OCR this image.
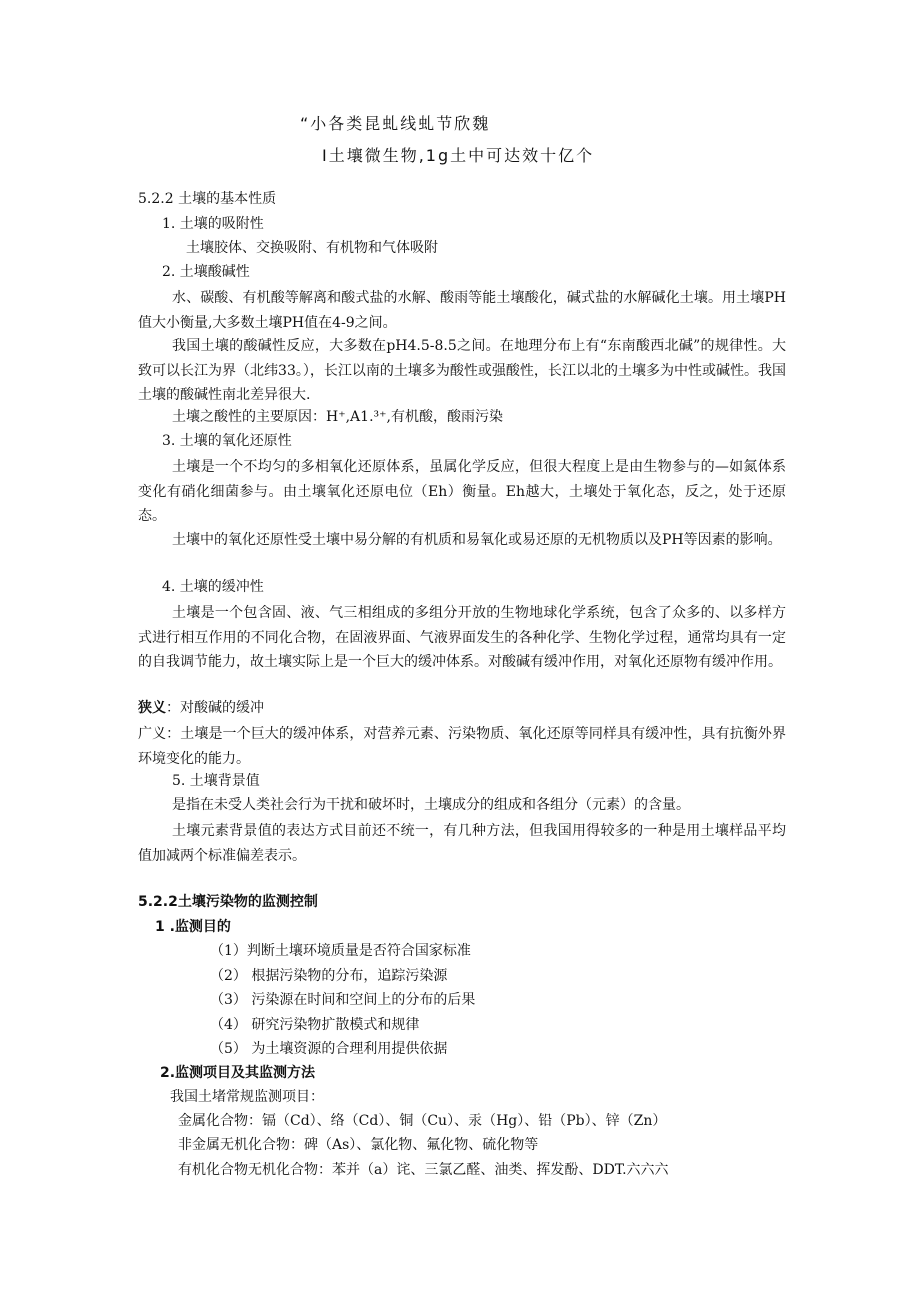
“小各类昆虬线虬节欣魏
I土壤微生物,1g土中可达效十亿个
5.2.2 土壤的基本性质
1. 土壤的吸附性
土壤胶体、交换吸附、有机物和气体吸附
2. 土壤酸碱性
水、碳酸、有机酸等解离和酸式盐的水解、酸雨等能土壤酸化，碱式盐的水解碱化土壤。用土壤PH值大小衡量,大多数土壤PH值在4-9之间。
我国土壤的酸碱性反应，大多数在pH4.5-8.5之间。在地理分布上有“东南酸西北碱”的规律性。大致可以长江为界（北纬33。），长江以南的土壤多为酸性或强酸性，长江以北的土壤多为中性或碱性。我国土壤的酸碱性南北差异很大.
土壤之酸性的主要原因：H⁺,A1.³⁺,有机酸，酸雨污染
3. 土壤的氧化还原性
土壤是一个不均匀的多相氧化还原体系，虽属化学反应，但很大程度上是由生物参与的—如氮体系变化有硝化细菌参与。由土壤氧化还原电位（Eh）衡量。Eh越大，土壤处于氧化态，反之，处于还原态。
土壤中的氧化还原性受土壤中易分解的有机质和易氧化或易还原的无机物质以及PH等因素的影响。
4. 土壤的缓冲性
土壤是一个包含固、液、气三相组成的多组分开放的生物地球化学系统，包含了众多的、以多样方式进行相互作用的不同化合物，在固液界面、气液界面发生的各种化学、生物化学过程，通常均具有一定的自我调节能力，故土壤实际上是一个巨大的缓冲体系。对酸碱有缓冲作用，对氧化还原物有缓冲作用。
狭义：对酸碱的缓冲
广义：土壤是一个巨大的缓冲体系，对营养元素、污染物质、氧化还原等同样具有缓冲性，具有抗衡外界环境变化的能力。
5. 土壤背景值
是指在未受人类社会行为干扰和破坏时，土壤成分的组成和各组分（元素）的含量。
土壤元素背景值的表达方式目前还不统一，有几种方法，但我国用得较多的一种是用土壤样品平均值加减两个标准偏差表示。
5.2.2土壤污染物的监测控制
1 .监测目的
（1）判断土壤环境质量是否符合国家标准
（2） 根据污染物的分布，追踪污染源
（3） 污染源在时间和空间上的分布的后果
（4） 研究污染物扩散模式和规律
（5） 为土壤资源的合理利用提供依据
2.监测项目及其监测方法
我国土堵常规监测项目：
金属化合物：镉（Cd）、络（Cd）、铜（Cu）、汞（Hg）、铅（Pb）、锌（Zn）
非金属无机化合物：碑（As）、氯化物、氟化物、硫化物等
有机化合物无机化合物：苯并（a）诧、三氯乙醛、油类、挥发酚、DDT.六六六
